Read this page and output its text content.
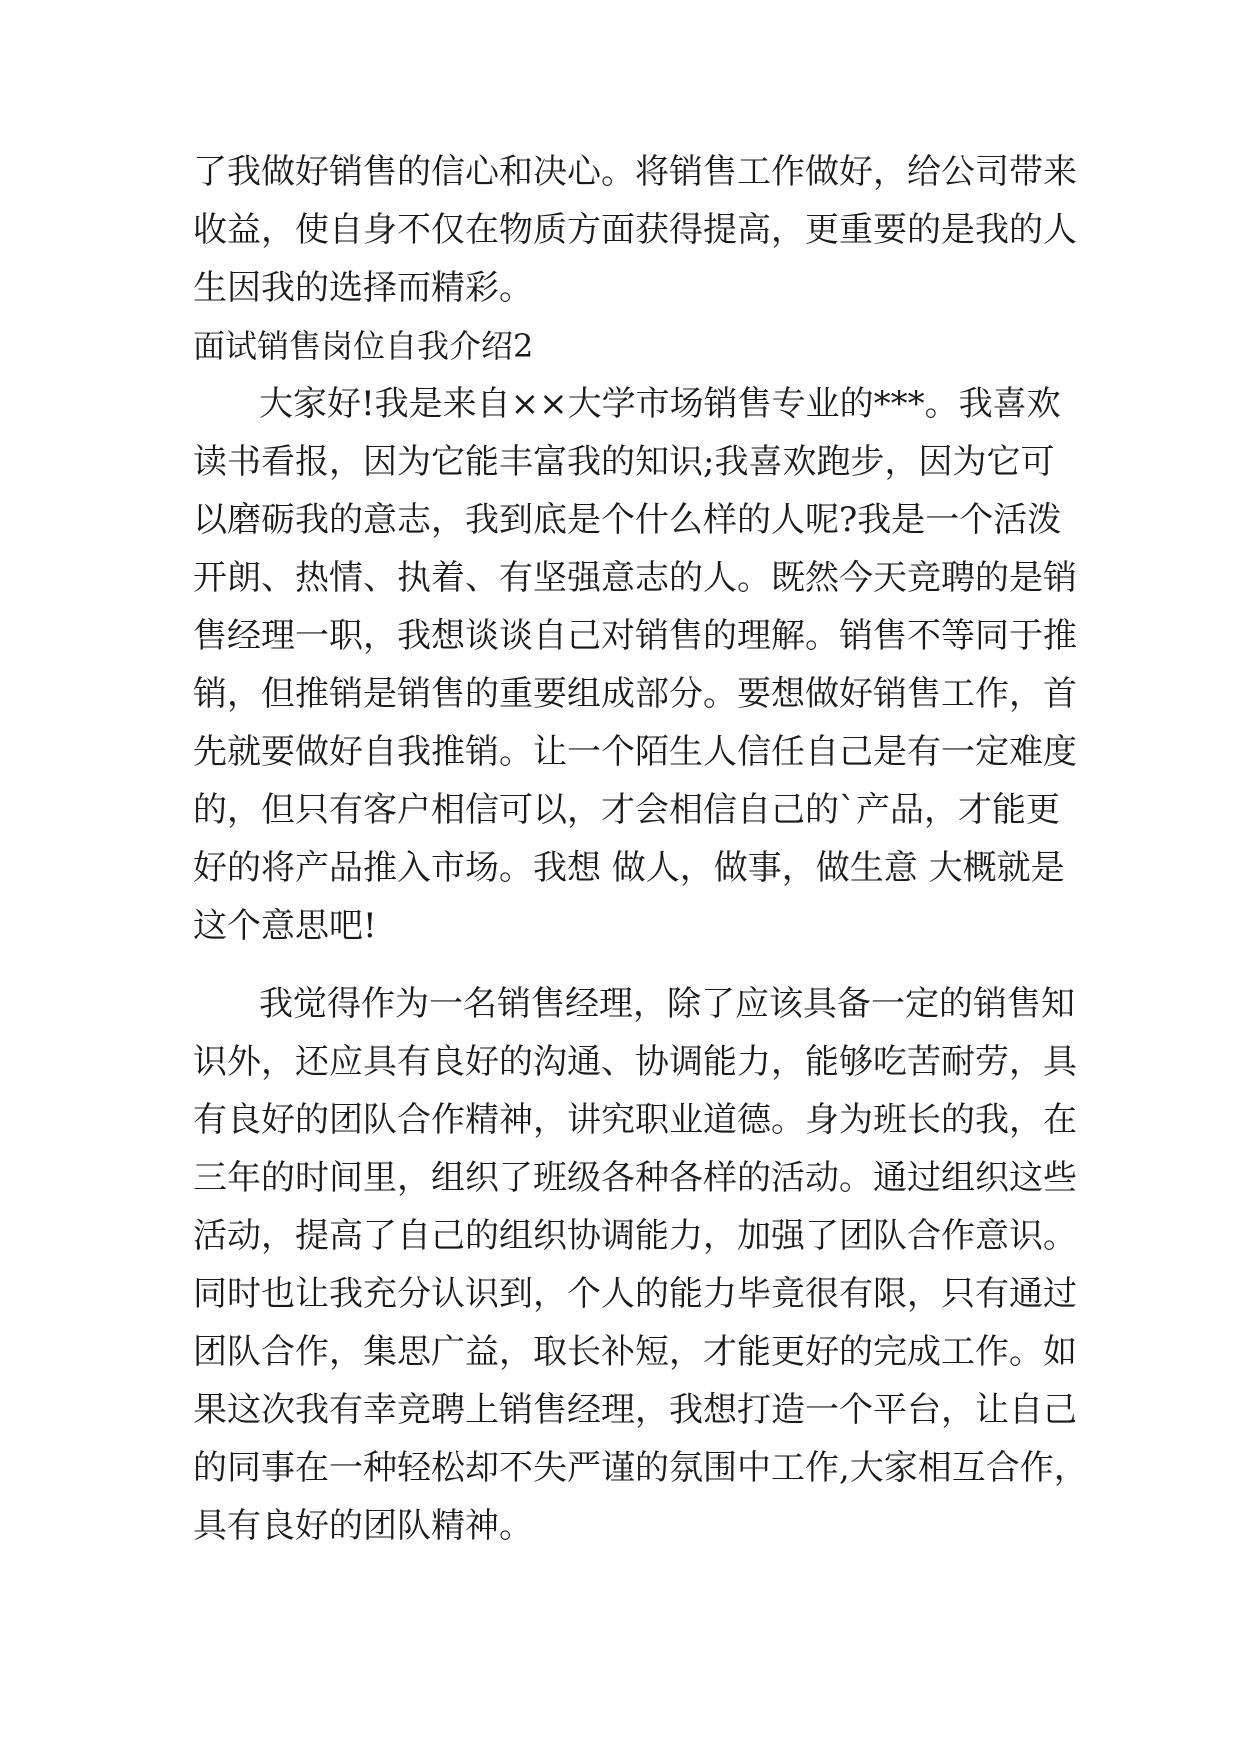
了我做好销售的信心和决心。将销售工作做好，给公司带来
收益，使自身不仅在物质方面获得提高，更重要的是我的人
生因我的选择而精彩。
面试销售岗位自我介绍2
大家好!我是来自××大学市场销售专业的***。我喜欢
读书看报，因为它能丰富我的知识;我喜欢跑步，因为它可
以磨砺我的意志，我到底是个什么样的人呢?我是一个活泼
开朗、热情、执着、有坚强意志的人。既然今天竞聘的是销
售经理一职，我想谈谈自己对销售的理解。销售不等同于推
销，但推销是销售的重要组成部分。要想做好销售工作，首
先就要做好自我推销。让一个陌生人信任自己是有一定难度
的，但只有客户相信可以，才会相信自己的`产品，才能更
好的将产品推入市场。我想 做人，做事，做生意 大概就是
这个意思吧!
我觉得作为一名销售经理，除了应该具备一定的销售知
识外，还应具有良好的沟通、协调能力，能够吃苦耐劳，具
有良好的团队合作精神，讲究职业道德。身为班长的我，在
三年的时间里，组织了班级各种各样的活动。通过组织这些
活动，提高了自己的组织协调能力，加强了团队合作意识。
同时也让我充分认识到，个人的能力毕竟很有限，只有通过
团队合作，集思广益，取长补短，才能更好的完成工作。如
果这次我有幸竞聘上销售经理，我想打造一个平台，让自己
的同事在一种轻松却不失严谨的氛围中工作,大家相互合作，
具有良好的团队精神。
